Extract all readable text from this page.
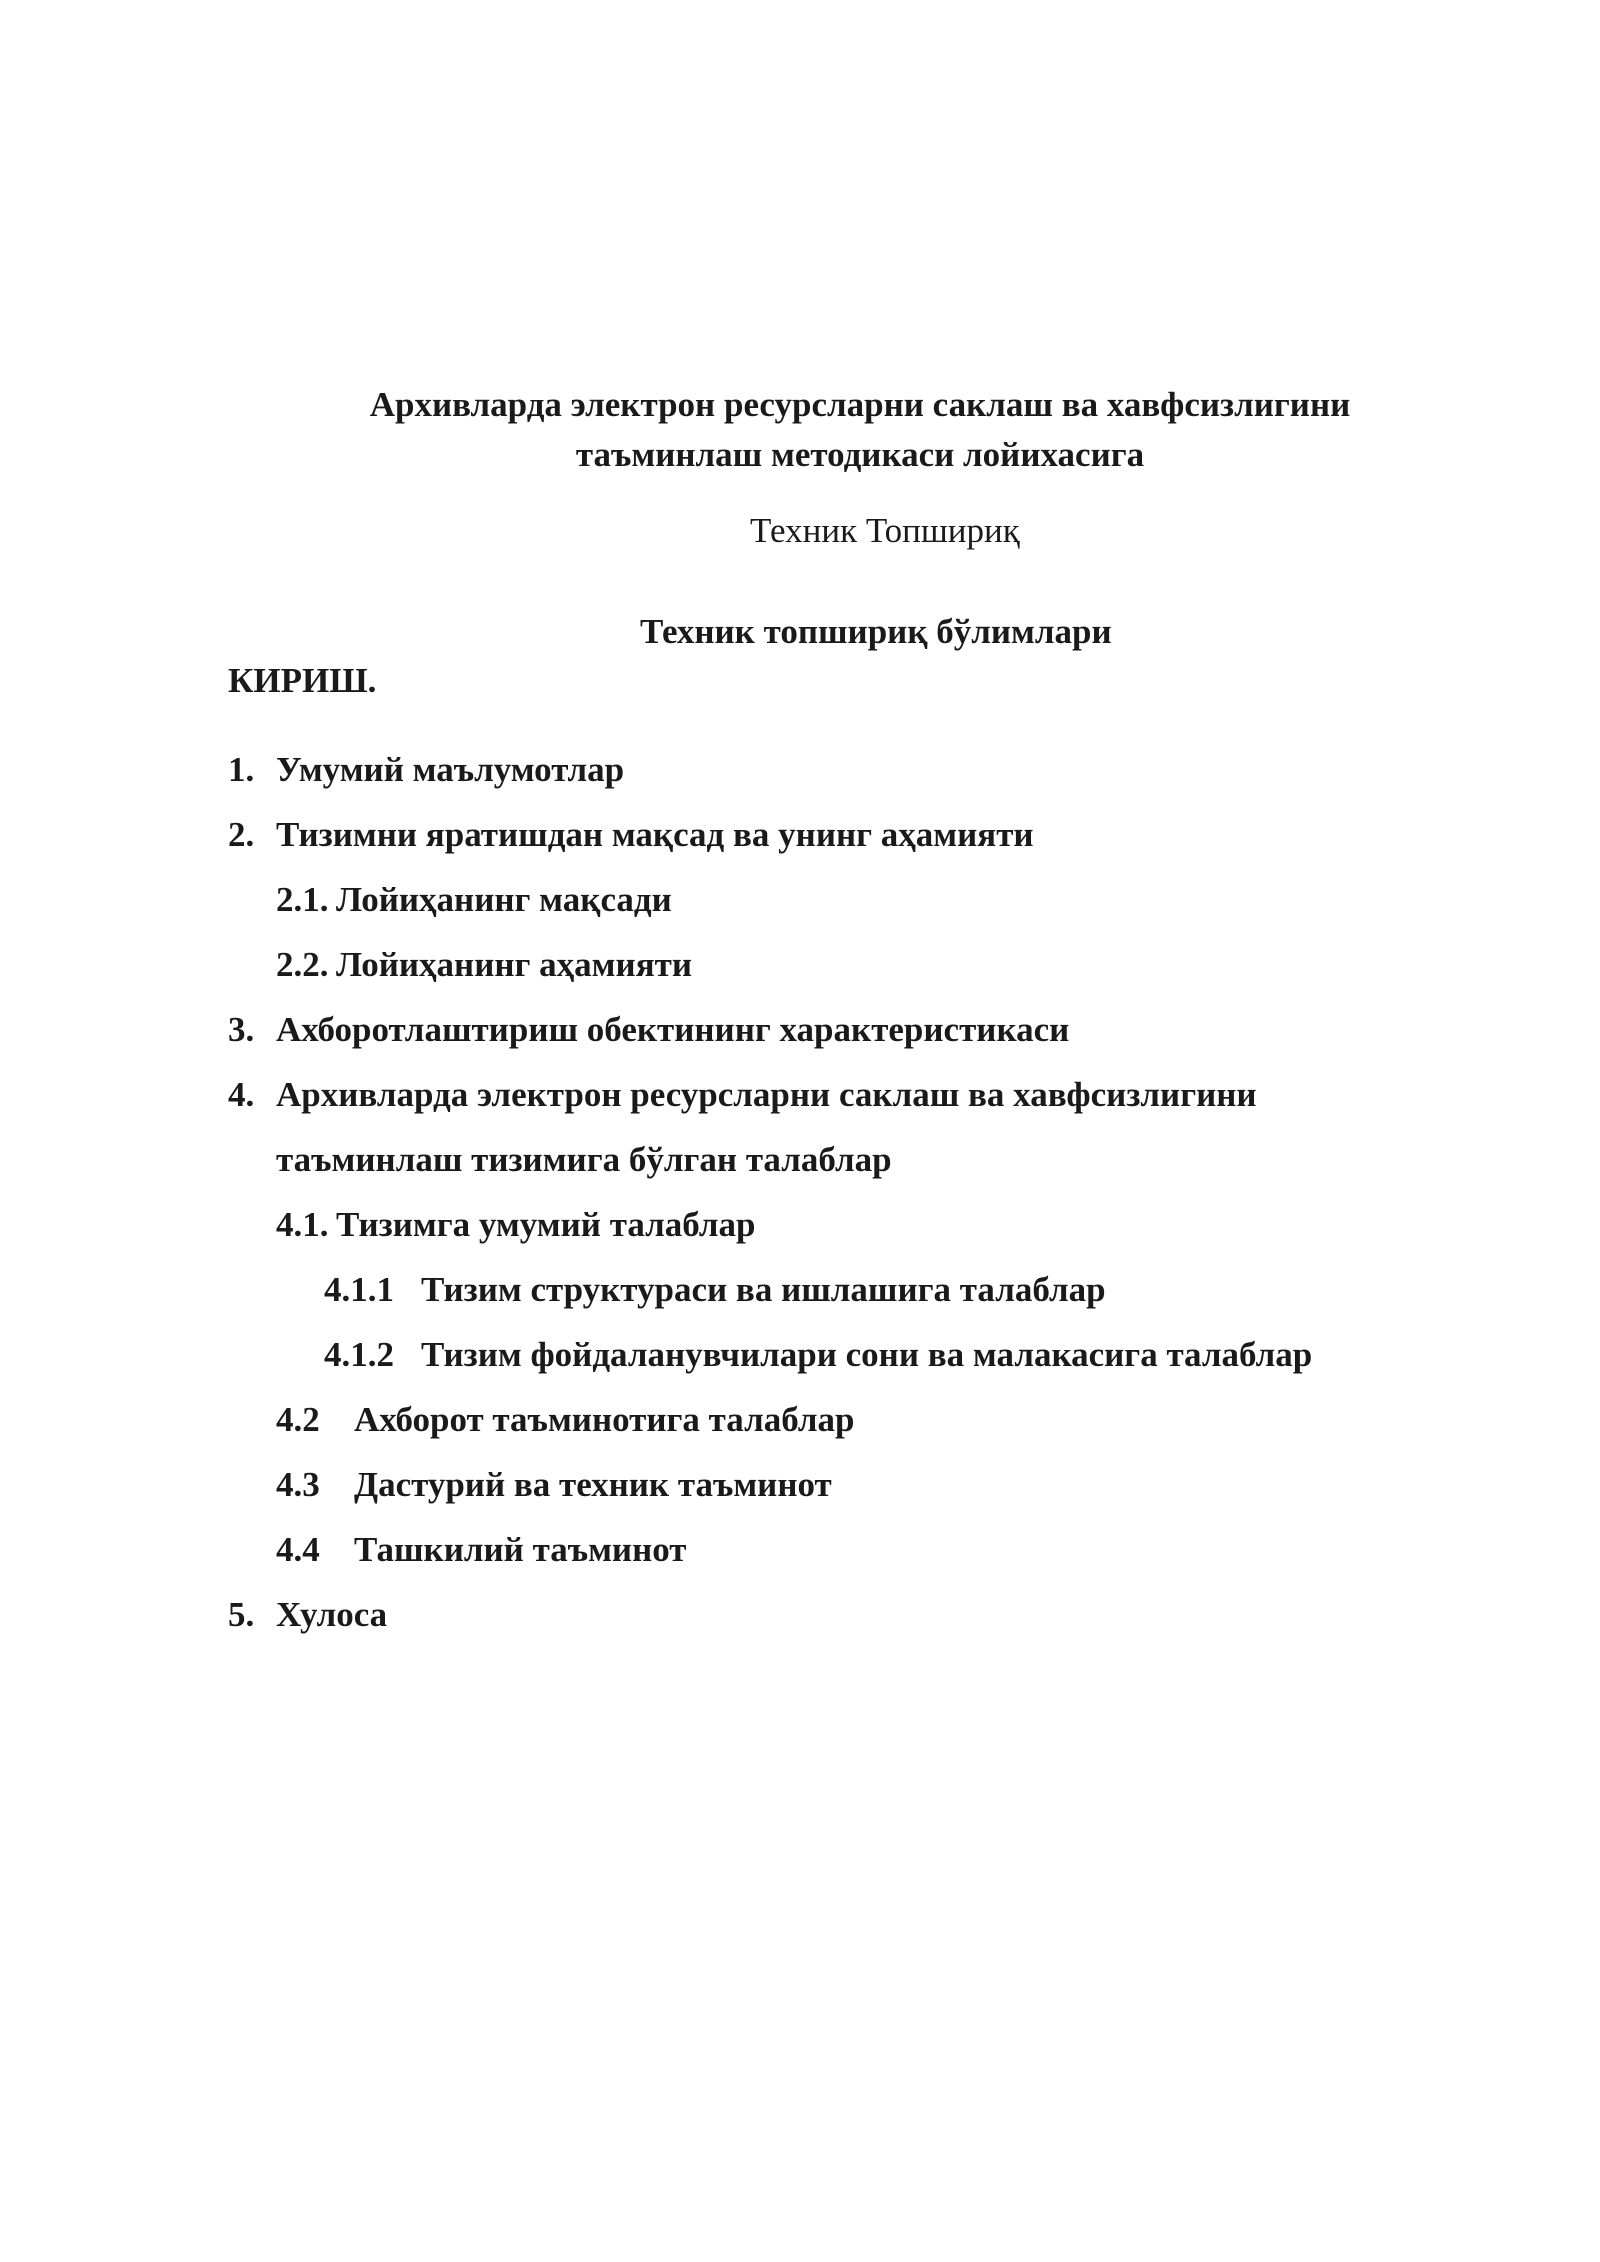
Архивларда электрон ресурсларни саклаш ва хавфсизлигини
таъминлаш методикаси лойихасига
Техник Топшириқ
Техник топшириқ бўлимлари
КИРИШ.
1. Умумий маълумотлар
2. Тизимни яратишдан мақсад ва унинг аҳамияти
2.1. Лойиҳанинг мақсади
2.2. Лойиҳанинг аҳамияти
3. Ахборотлаштириш обектининг характеристикаси
4. Архивларда электрон ресурсларни саклаш ва хавфсизлигини
таъминлаш тизимига бўлган талаблар
4.1. Тизимга умумий талаблар
4.1.1 Тизим структураси ва ишлашига талаблар
4.1.2 Тизим фойдаланувчилари сони ва малакасига талаблар
4.2 Ахборот таъминотига талаблар
4.3 Дастурий ва техник таъминот
4.4 Ташкилий таъминот
5. Хулоса
